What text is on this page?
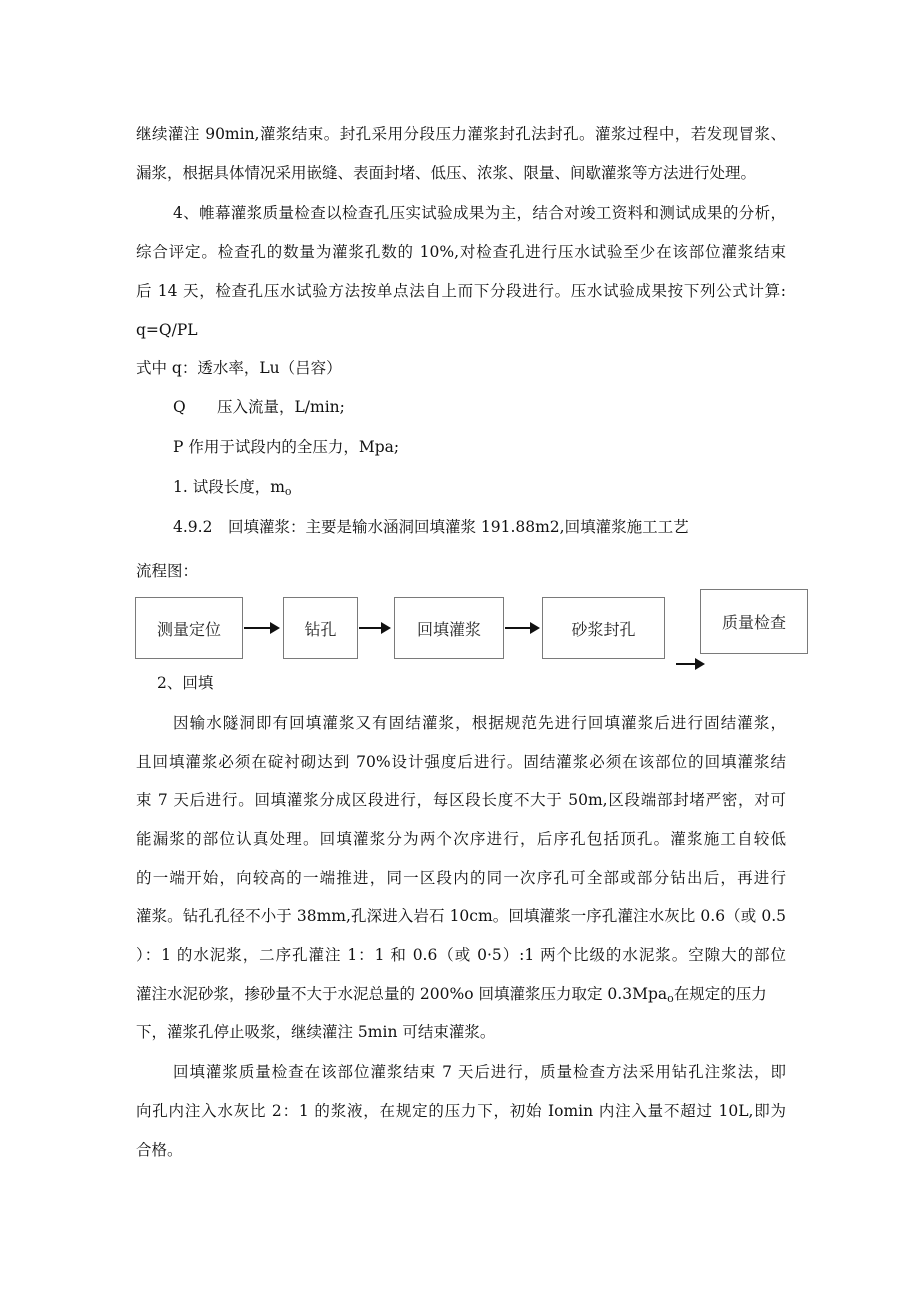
继续灌注 90min,灌浆结束。封孔采用分段压力灌浆封孔法封孔。灌浆过程中，若发现冒浆、
漏浆，根据具体情况采用嵌缝、表面封堵、低压、浓浆、限量、间歇灌浆等方法进行处理。
4、帷幕灌浆质量检查以检查孔压实试验成果为主，结合对竣工资料和测试成果的分析，
综合评定。检查孔的数量为灌浆孔数的 10%,对检查孔进行压水试验至少在该部位灌浆结束
后 14 天，检查孔压水试验方法按单点法自上而下分段进行。压水试验成果按下列公式计算:
q=Q/PL
式中 q：透水率，Lu（吕容）
Q 压入流量，L/min;
P 作用于试段内的全压力，Mpa;
1. 试段长度，$m_o$
4.9.2　回填灌浆：主要是输水涵洞回填灌浆 191.88m2,回填灌浆施工工艺
流程图：
测量定位	钻孔	回填灌浆	砂浆封孔	质量检查
2、回填
因输水隧洞即有回填灌浆又有固结灌浆，根据规范先进行回填灌浆后进行固结灌浆，
且回填灌浆必须在碇衬砌达到 70%设计强度后进行。固结灌浆必须在该部位的回填灌浆结
束 7 天后进行。回填灌浆分成区段进行，每区段长度不大于 50m,区段端部封堵严密，对可
能漏浆的部位认真处理。回填灌浆分为两个次序进行，后序孔包括顶孔。灌浆施工自较低
的一端开始，向较高的一端推进，同一区段内的同一次序孔可全部或部分钻出后，再进行
灌浆。钻孔孔径不小于 38mm,孔深进入岩石 10cm。回填灌浆一序孔灌注水灰比 0.6（或 0.5
）：1 的水泥浆，二序孔灌注 1：1 和 0.6（或 0·5）:1 两个比级的水泥浆。空隙大的部位
灌注水泥砂浆，掺砂量不大于水泥总量的 200%o 回填灌浆压力取定 0.3Mpa$_o$在规定的压力
下，灌浆孔停止吸浆，继续灌注 5min 可结束灌浆。
回填灌浆质量检查在该部位灌浆结束 7 天后进行，质量检查方法采用钻孔注浆法，即
向孔内注入水灰比 2：1 的浆液，在规定的压力下，初始 Iomin 内注入量不超过 10L,即为
合格。
